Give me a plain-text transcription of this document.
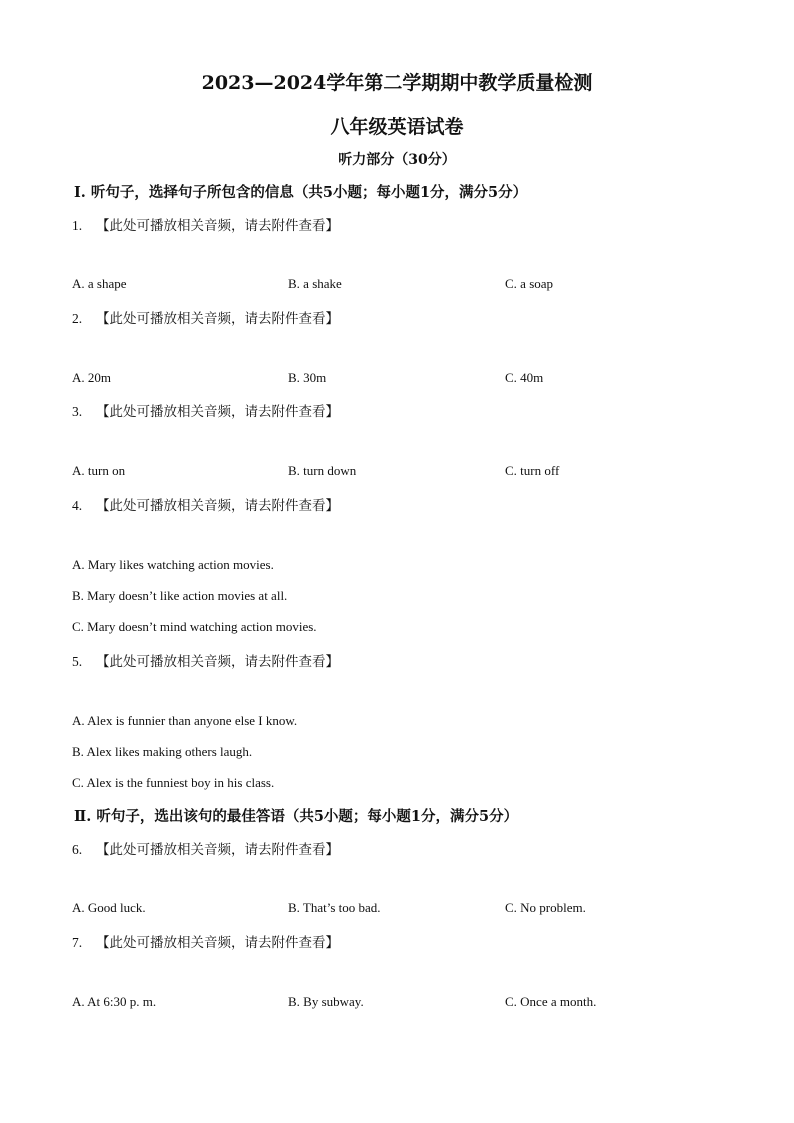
2023—2024学年第二学期期中教学质量检测
八年级英语试卷
听力部分（30分）
Ⅰ. 听句子，选择句子所包含的信息（共5小题；每小题1分，满分5分）
1. 【此处可播放相关音频，请去附件查看】
A. a shape	B. a shake	C. a soap
2. 【此处可播放相关音频，请去附件查看】
A. 20m	B. 30m	C. 40m
3. 【此处可播放相关音频，请去附件查看】
A. turn on	B. turn down	C. turn off
4. 【此处可播放相关音频，请去附件查看】
A. Mary likes watching action movies.
B. Mary doesn’t like action movies at all.
C. Mary doesn’t mind watching action movies.
5. 【此处可播放相关音频，请去附件查看】
A. Alex is funnier than anyone else I know.
B. Alex likes making others laugh.
C. Alex is the funniest boy in his class.
Ⅱ. 听句子，选出该句的最佳答语（共5小题；每小题1分，满分5分）
6. 【此处可播放相关音频，请去附件查看】
A. Good luck.	B. That’s too bad.	C. No problem.
7. 【此处可播放相关音频，请去附件查看】
A. At 6:30 p. m.	B. By subway.	C. Once a month.
